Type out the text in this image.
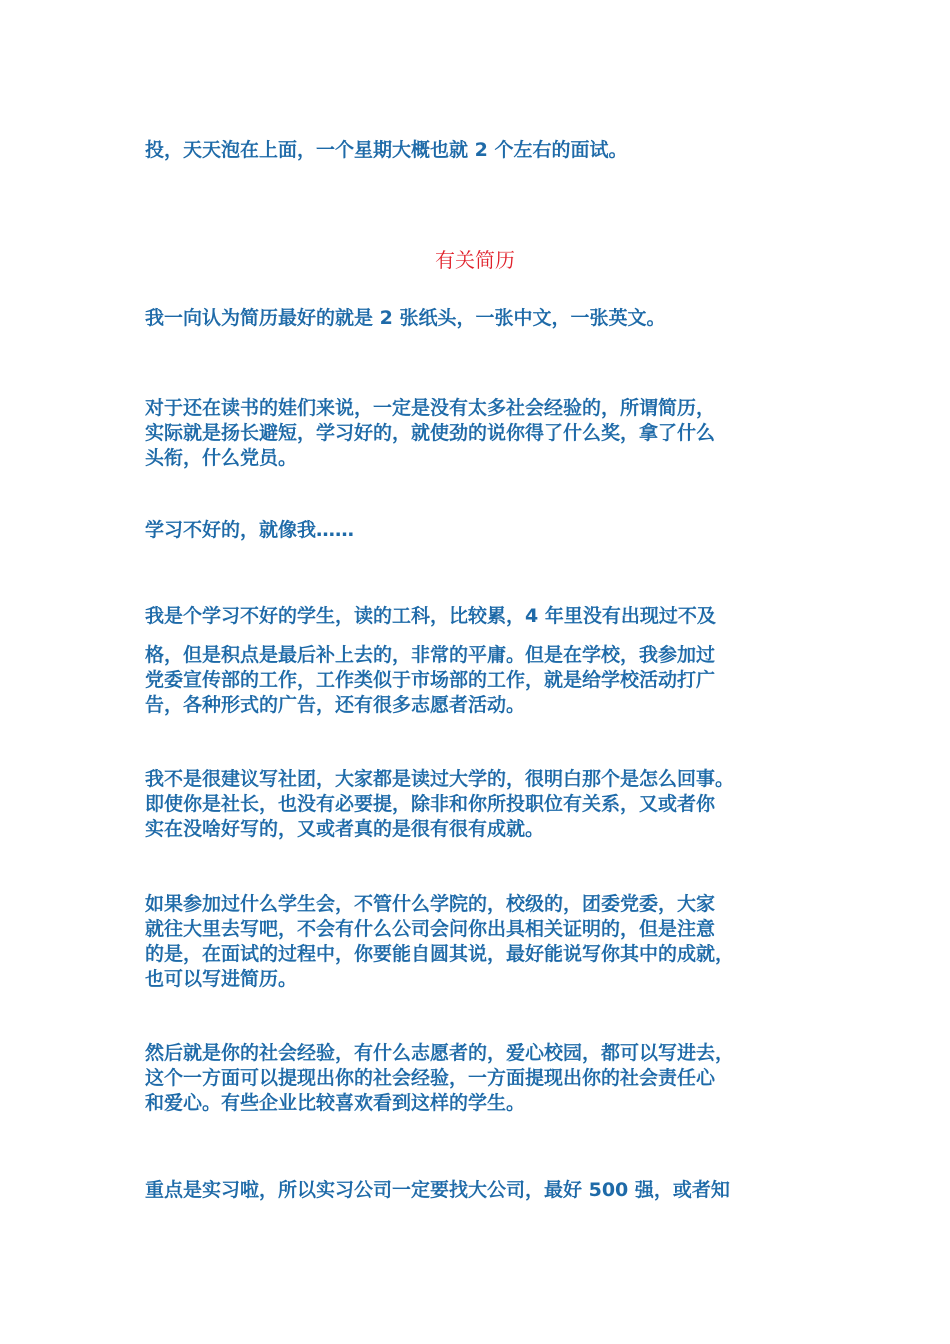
投，天天泡在上面，一个星期大概也就 2 个左右的面试。

有关简历

我一向认为简历最好的就是 2 张纸头，一张中文，一张英文。

对于还在读书的娃们来说，一定是没有太多社会经验的，所谓简历，
实际就是扬长避短，学习好的，就使劲的说你得了什么奖，拿了什么
头衔，什么党员。

学习不好的，就像我……

我是个学习不好的学生，读的工科，比较累，4 年里没有出现过不及

格，但是积点是最后补上去的，非常的平庸。但是在学校，我参加过
党委宣传部的工作，工作类似于市场部的工作，就是给学校活动打广
告，各种形式的广告，还有很多志愿者活动。

我不是很建议写社团，大家都是读过大学的，很明白那个是怎么回事。
即使你是社长，也没有必要提，除非和你所投职位有关系，又或者你
实在没啥好写的，又或者真的是很有很有成就。

如果参加过什么学生会，不管什么学院的，校级的，团委党委，大家
就往大里去写吧，不会有什么公司会问你出具相关证明的，但是注意
的是，在面试的过程中，你要能自圆其说，最好能说写你其中的成就，
也可以写进简历。

然后就是你的社会经验，有什么志愿者的，爱心校园，都可以写进去，
这个一方面可以提现出你的社会经验，一方面提现出你的社会责任心
和爱心。有些企业比较喜欢看到这样的学生。

重点是实习啦，所以实习公司一定要找大公司，最好 500 强，或者知
